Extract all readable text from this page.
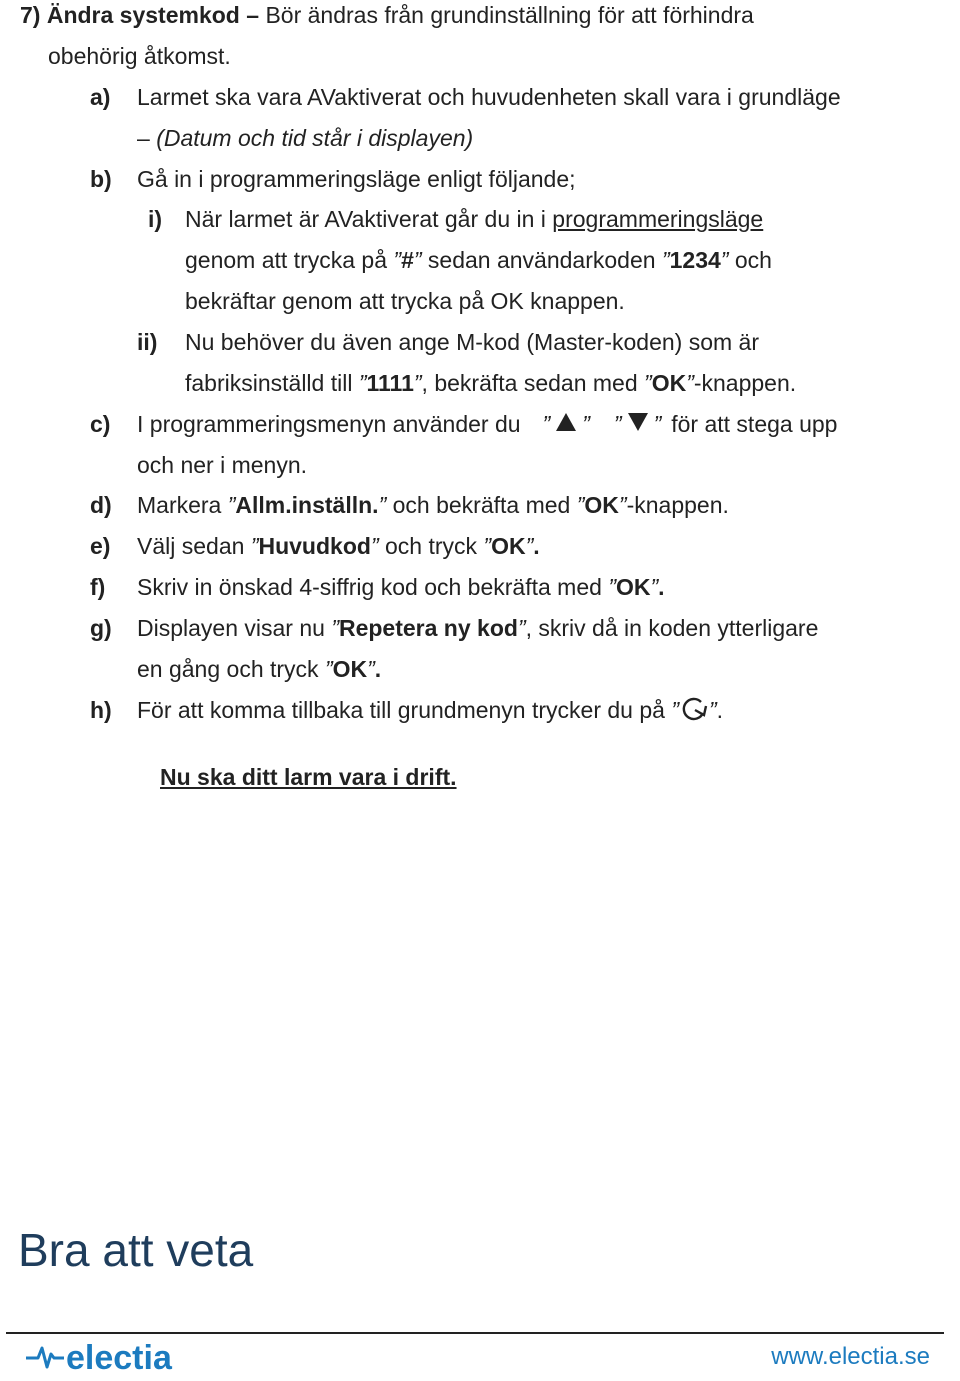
7) Ändra systemkod – Bör ändras från grundinställning för att förhindra
obehörig åtkomst.
a) Larmet ska vara AVaktiverat och huvudenheten skall vara i grundläge
– (Datum och tid står i displayen)
b) Gå in i programmeringsläge enligt följande;
i) När larmet är AVaktiverat går du in i programmeringsläge
genom att trycka på ”#” sedan användarkoden ”1234” och
bekräftar genom att trycka på OK knappen.
ii) Nu behöver du även ange M-kod (Master-koden) som är
fabriksinställd till ”1111”, bekräfta sedan med ”OK”-knappen.
c) I programmeringsmenyn använder du ” ” ” ” för att stega upp
och ner i menyn.
d) Markera ”Allm.inställn.” och bekräfta med ”OK”-knappen.
e) Välj sedan ”Huvudkod” och tryck ”OK”.
f) Skriv in önskad 4-siffrig kod och bekräfta med ”OK”.
g) Displayen visar nu ”Repetera ny kod”, skriv då in koden ytterligare
en gång och tryck ”OK”.
h) För att komma tillbaka till grundmenyn trycker du på ” ”.
Nu ska ditt larm vara i drift.
Bra att veta
electia	www.electia.se
